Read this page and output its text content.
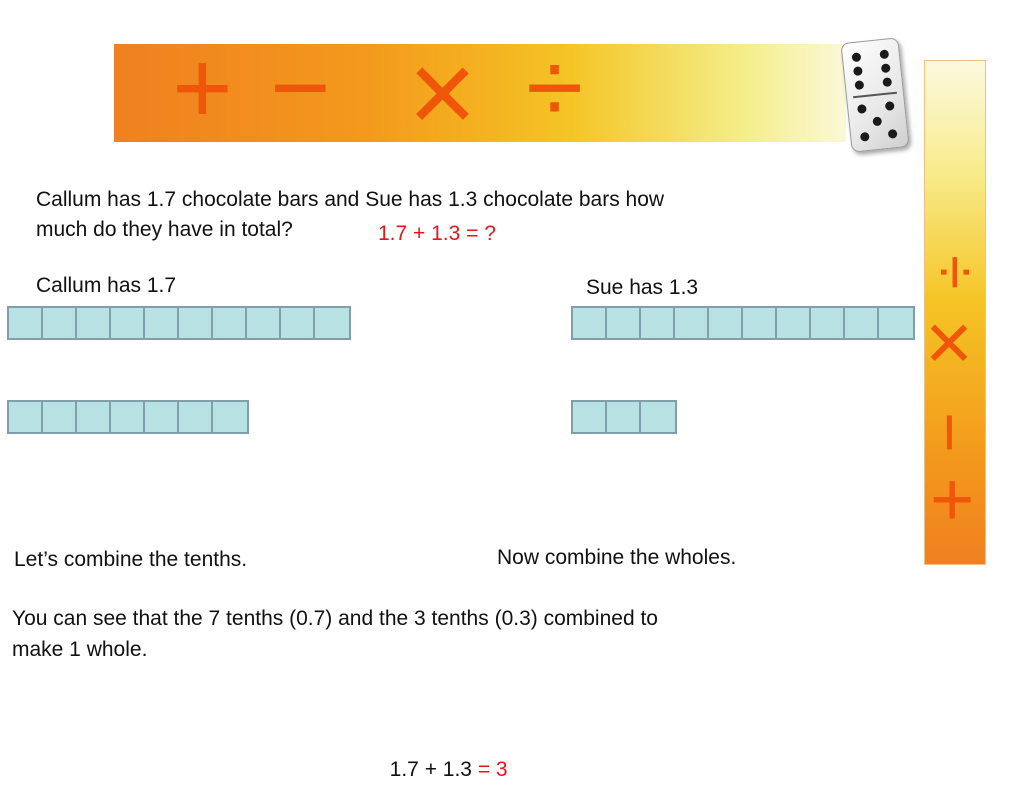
+ − × ÷
÷
×
−
+
Callum has 1.7 chocolate bars and Sue has 1.3 chocolate bars how
much do they have in total?	1.7 + 1.3 = ?
Callum has 1.7	Sue has 1.3
Let’s combine the tenths.	Now combine the wholes.
You can see that the 7 tenths (0.7) and the 3 tenths (0.3) combined to
make 1 whole.

1.7 + 1.3 = 3
